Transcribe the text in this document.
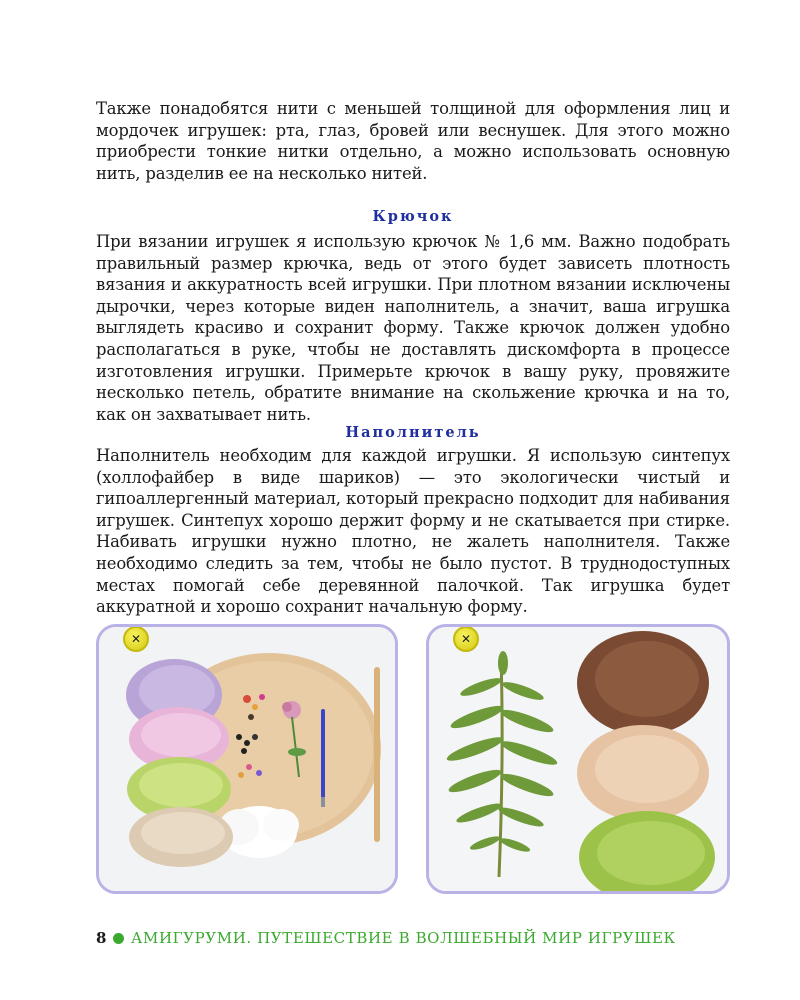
Также понадобятся нити с меньшей толщиной для оформления лиц и мордочек игрушек: рта, глаз, бровей или веснушек. Для этого можно приобрести тонкие нитки отдельно, а можно использовать основную нить, разделив ее на несколько нитей.
Крючок
При вязании игрушек я использую крючок № 1,6 мм. Важно подобрать правильный размер крючка, ведь от этого будет зависеть плотность вязания и аккуратность всей игрушки. При плотном вязании исключены дырочки, через которые виден наполнитель, а значит, ваша игрушка выглядеть красиво и сохранит форму. Также крючок должен удобно располагаться в руке, чтобы не доставлять дискомфорта в процессе изготовления игрушки. Примерьте крючок в вашу руку, провяжите несколько петель, обратите внимание на скольжение крючка и на то, как он захватывает нить.
Наполнитель
Наполнитель необходим для каждой игрушки. Я использую синтепух (холлофайбер в виде шариков) — это экологически чистый и гипоаллергенный материал, который прекрасно подходит для набивания игрушек. Синтепух хорошо держит форму и не скатывается при стирке. Набивать игрушки нужно плотно, не жалеть наполнителя. Также необходимо следить за тем, чтобы не было пустот. В труднодоступных местах помогай себе деревянной палочкой. Так игрушка будет аккуратной и хорошо сохранит начальную форму.
✕	✕
8 АМИГУРУМИ. ПУТЕШЕСТВИЕ В ВОЛШЕБНЫЙ МИР ИГРУШЕК
